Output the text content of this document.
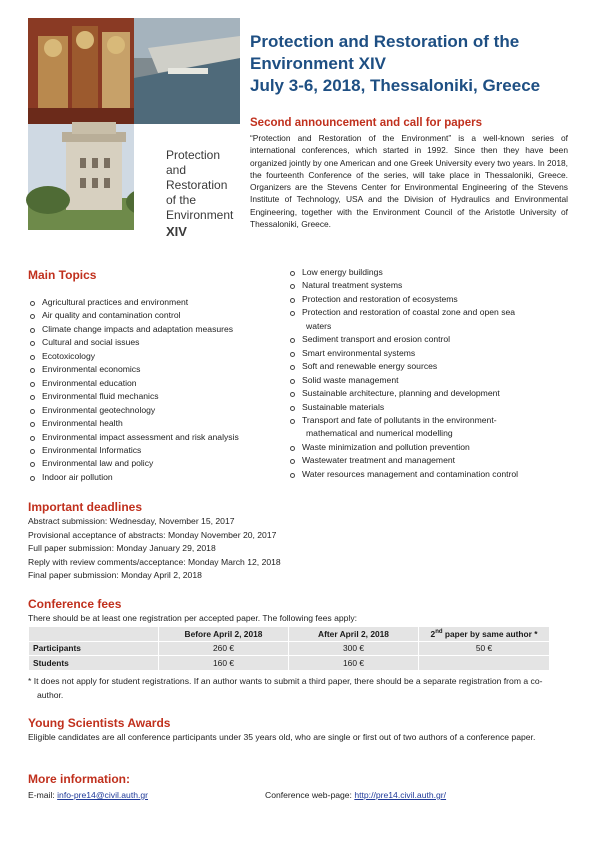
Protection
and
Restoration
of the
Environment
XIV
Protection and Restoration of the
Environment XIV
July 3-6, 2018, Thessaloniki, Greece
Second announcement and call for papers
“Protection and Restoration of the Environment” is a well-known series of international conferences, which started in 1992. Since then they have been organized jointly by one American and one Greek University every two years. In 2018, the fourteenth Conference of the series, will take place in Thessaloniki, Greece. Organizers are the Stevens Center for Environmental Engineering of the Stevens Institute of Technology, USA and the Division of Hydraulics and Environmental Engineering, together with the Environment Council of the Aristotle University of Thessaloniki, Greece.
Main Topics
Agricultural practices and environment
Air quality and contamination control
Climate change impacts and adaptation measures
Cultural and social issues
Ecotoxicology
Environmental economics
Environmental education
Environmental fluid mechanics
Environmental geotechnology
Environmental health
Environmental impact assessment and risk analysis
Environmental Informatics
Environmental law and policy
Indoor air pollution
Low energy buildings
Natural treatment systems
Protection and restoration of ecosystems
Protection and restoration of coastal zone and open sea
waters
Sediment transport and erosion control
Smart environmental systems
Soft and renewable energy sources
Solid waste management
Sustainable architecture, planning and development
Sustainable materials
Transport and fate of pollutants in the environment-
mathematical and numerical modelling
Waste minimization and pollution prevention
Wastewater treatment and management
Water resources management and contamination control
Important deadlines
Abstract submission: Wednesday, November 15, 2017
Provisional acceptance of abstracts: Monday November 20, 2017
Full paper submission: Monday January 29, 2018
Reply with review comments/acceptance: Monday March 12, 2018
Final paper submission: Monday April 2, 2018
Conference fees
There should be at least one registration per accepted paper. The following fees apply:
	Before April 2, 2018	After April 2, 2018	2nd paper by same author *
Participants	260 €	300 €	50 €
Students	160 €	160 €	
* It does not apply for student registrations. If an author wants to submit a third paper, there should be a separate registration from a co-author.
Young Scientists Awards
Eligible candidates are all conference participants under 35 years old, who are single or first out of two authors of a conference paper.
More information:
E-mail: info-pre14@civil.auth.gr	Conference web-page: http://pre14.civil.auth.gr/
